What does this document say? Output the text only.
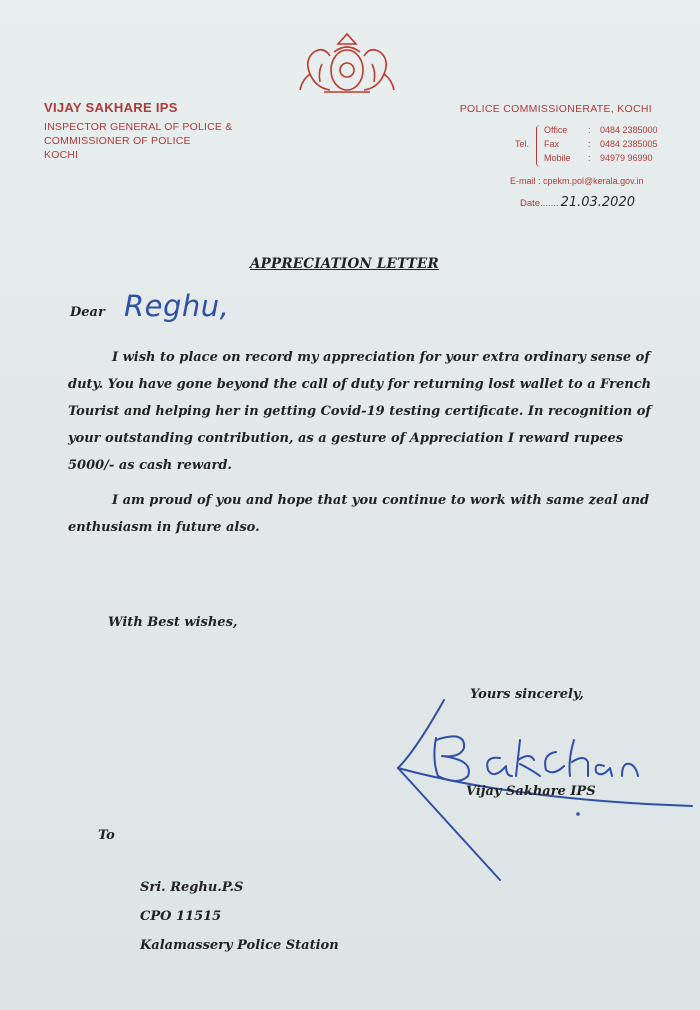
VIJAY SAKHARE IPS
INSPECTOR GENERAL OF POLICE &
COMMISSIONER OF POLICE
KOCHI
POLICE COMMISSIONERATE, KOCHI
Tel.
Office : 0484 2385000
Fax	: 0484 2385005
Mobile : 94979 96990
E-mail : cpekm.pol@kerala.gov.in
Date....... 21.03.2020
APPRECIATION LETTER
Dear Reghu,

I wish to place on record my appreciation for your extra ordinary sense of duty. You have gone beyond the call of duty for returning lost wallet to a French Tourist and helping her in getting Covid-19 testing certificate. In recognition of your outstanding contribution, as a gesture of Appreciation I reward rupees 5000/- as cash reward.

I am proud of you and hope that you continue to work with same zeal and enthusiasm in future also.

With Best wishes,
Yours sincerely,
Vijay Sakhare IPS
To
Sri. Reghu.P.S
CPO 11515
Kalamassery Police Station
